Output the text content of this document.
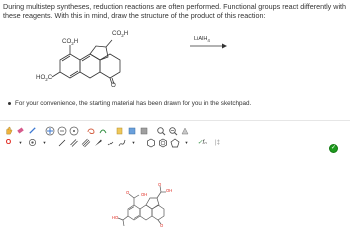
During multistep syntheses, reduction reactions are often performed. Functional groups react differently with these reagents. With this in mind, draw the structure of the product of this reaction:
$CO_2H$
$CO_2H$
$HO_2C$
O
LiAlH$_4$
For your convenience, the starting material has been drawn for you in the sketchpad.
O	▼	▼	▼	▼	✓ fₙ	|‡
✓
OH
OH
HO
O
O
O
